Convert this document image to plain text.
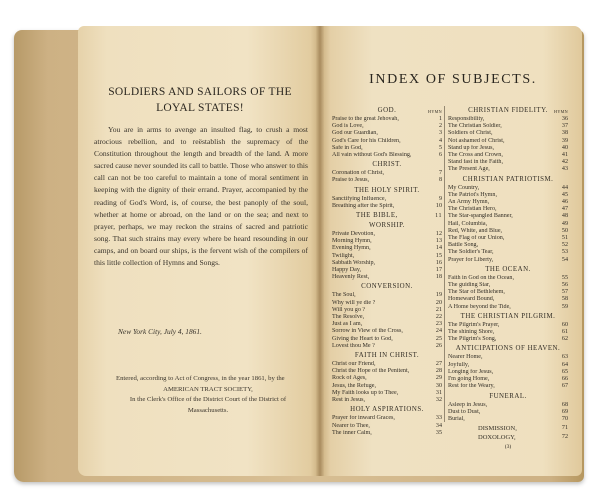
SOLDIERS AND SAILORS OF THE
LOYAL STATES!

You are in arms to avenge an insulted flag, to crush a most atrocious rebellion, and to reëstablish the supremacy of the Constitution throughout the length and breadth of the land. A more sacred cause never sounded its call to battle. Those who answer to this call can not be too careful to maintain a tone of moral sentiment in keeping with the dignity of their errand. Prayer, accompanied by the reading of God's Word, is, of course, the best panoply of the soul, whether at home or abroad, on the land or on the sea; and next to prayer, perhaps, we may reckon the strains of sacred and patriotic song. That such strains may every where be heard resounding in our camps, and on board our ships, is the fervent wish of the compilers of this little collection of Hymns and Songs.

New York City, July 4, 1861.
Entered, according to Act of Congress, in the year 1861, by the
AMERICAN TRACT SOCIETY,
In the Clerk's Office of the District Court of the District of
Massachusetts.
INDEX OF SUBJECTS.
GOD.	HYMN
Praise to the great Jehovah,	1
God is Love,	2
God our Guardian,	3
God's Care for his Children,	4
Safe in God,	5
All vain without God's Blessing,	6
CHRIST.
Coronation of Christ,	7
Praise to Jesus,	8
THE HOLY SPIRIT.
Sanctifying Influence,	9
Breathing after the Spirit,	10
THE BIBLE,	11
WORSHIP.
Private Devotion,	12
Morning Hymn,	13
Evening Hymn,	14
Twilight,	15
Sabbath Worship,	16
Happy Day,	17
Heavenly Rest,	18
CONVERSION.
The Soul,	19
Why will ye die ?	20
Will you go ?	21
The Resolve,	22
Just as I am,	23
Sorrow in View of the Cross,	24
Giving the Heart to God,	25
Lovest thou Me ?	26
FAITH IN CHRIST.
Christ our Friend,	27
Christ the Hope of the Penitent,	28
Rock of Ages,	29
Jesus, the Refuge,	30
My Faith looks up to Thee,	31
Rest in Jesus,	32
HOLY ASPIRATIONS.
Prayer for inward Graces,	33
Nearer to Thee,	34
The inner Calm,	35
CHRISTIAN FIDELITY. HYMN
Responsibility,	36
The Christian Soldier,	37
Soldiers of Christ,	38
Not ashamed of Christ,	39
Stand up for Jesus,	40
The Cross and Crown,	41
Stand fast in the Faith,	42
The Present Age,	43
CHRISTIAN PATRIOTISM.
My Country,	44
The Patriot's Hymn,	45
An Army Hymn,	46
The Christian Hero,	47
The Star-spangled Banner,	48
Hail, Columbia,	49
Red, White, and Blue,	50
The Flag of our Union,	51
Battle Song,	52
The Soldier's Tear,	53
Prayer for Liberty,	54
THE OCEAN.
Faith in God on the Ocean,	55
The guiding Star,	56
The Star of Bethlehem,	57
Homeward Bound,	58
A Home beyond the Tide,	59
THE CHRISTIAN PILGRIM.
The Pilgrim's Prayer,	60
The shining Shore,	61
The Pilgrim's Song,	62
ANTICIPATIONS OF HEAVEN.
Nearer Home,	63
Joyfully,	64
Longing for Jesus,	65
I'm going Home,	66
Rest for the Weary,	67
FUNERAL.
Asleep in Jesus,	68
Dust to Dust,	69
Burial,	70
DISMISSION,	71
DOXOLOGY,	72
(3)
